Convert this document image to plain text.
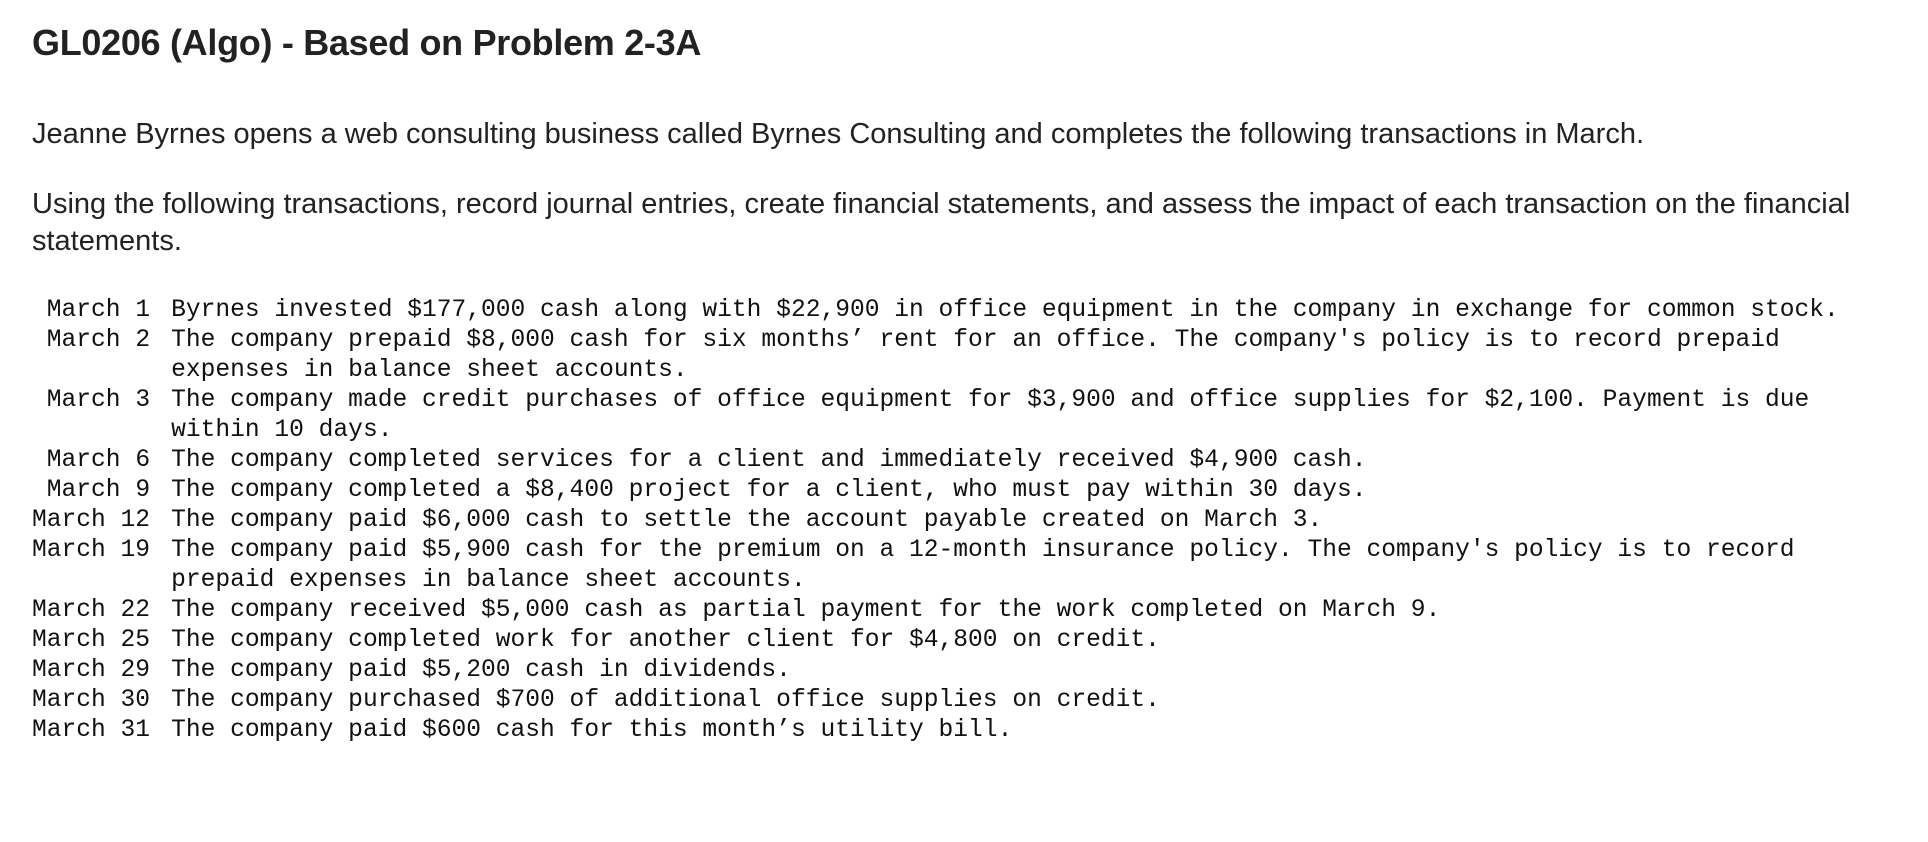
GL0206 (Algo) - Based on Problem 2-3A

Jeanne Byrnes opens a web consulting business called Byrnes Consulting and completes the following transactions in March.

Using the following transactions, record journal entries, create financial statements, and assess the impact of each transaction on the financial statements.

March 1	Byrnes invested $177,000 cash along with $22,900 in office equipment in the company in exchange for common stock.
March 2	The company prepaid $8,000 cash for six months’ rent for an office. The company's policy is to record prepaid expenses in balance sheet accounts.
March 3	The company made credit purchases of office equipment for $3,900 and office supplies for $2,100. Payment is due within 10 days.
March 6	The company completed services for a client and immediately received $4,900 cash.
March 9	The company completed a $8,400 project for a client, who must pay within 30 days.
March 12	The company paid $6,000 cash to settle the account payable created on March 3.
March 19	The company paid $5,900 cash for the premium on a 12-month insurance policy. The company's policy is to record prepaid expenses in balance sheet accounts.
March 22	The company received $5,000 cash as partial payment for the work completed on March 9.
March 25	The company completed work for another client for $4,800 on credit.
March 29	The company paid $5,200 cash in dividends.
March 30	The company purchased $700 of additional office supplies on credit.
March 31	The company paid $600 cash for this month’s utility bill.
